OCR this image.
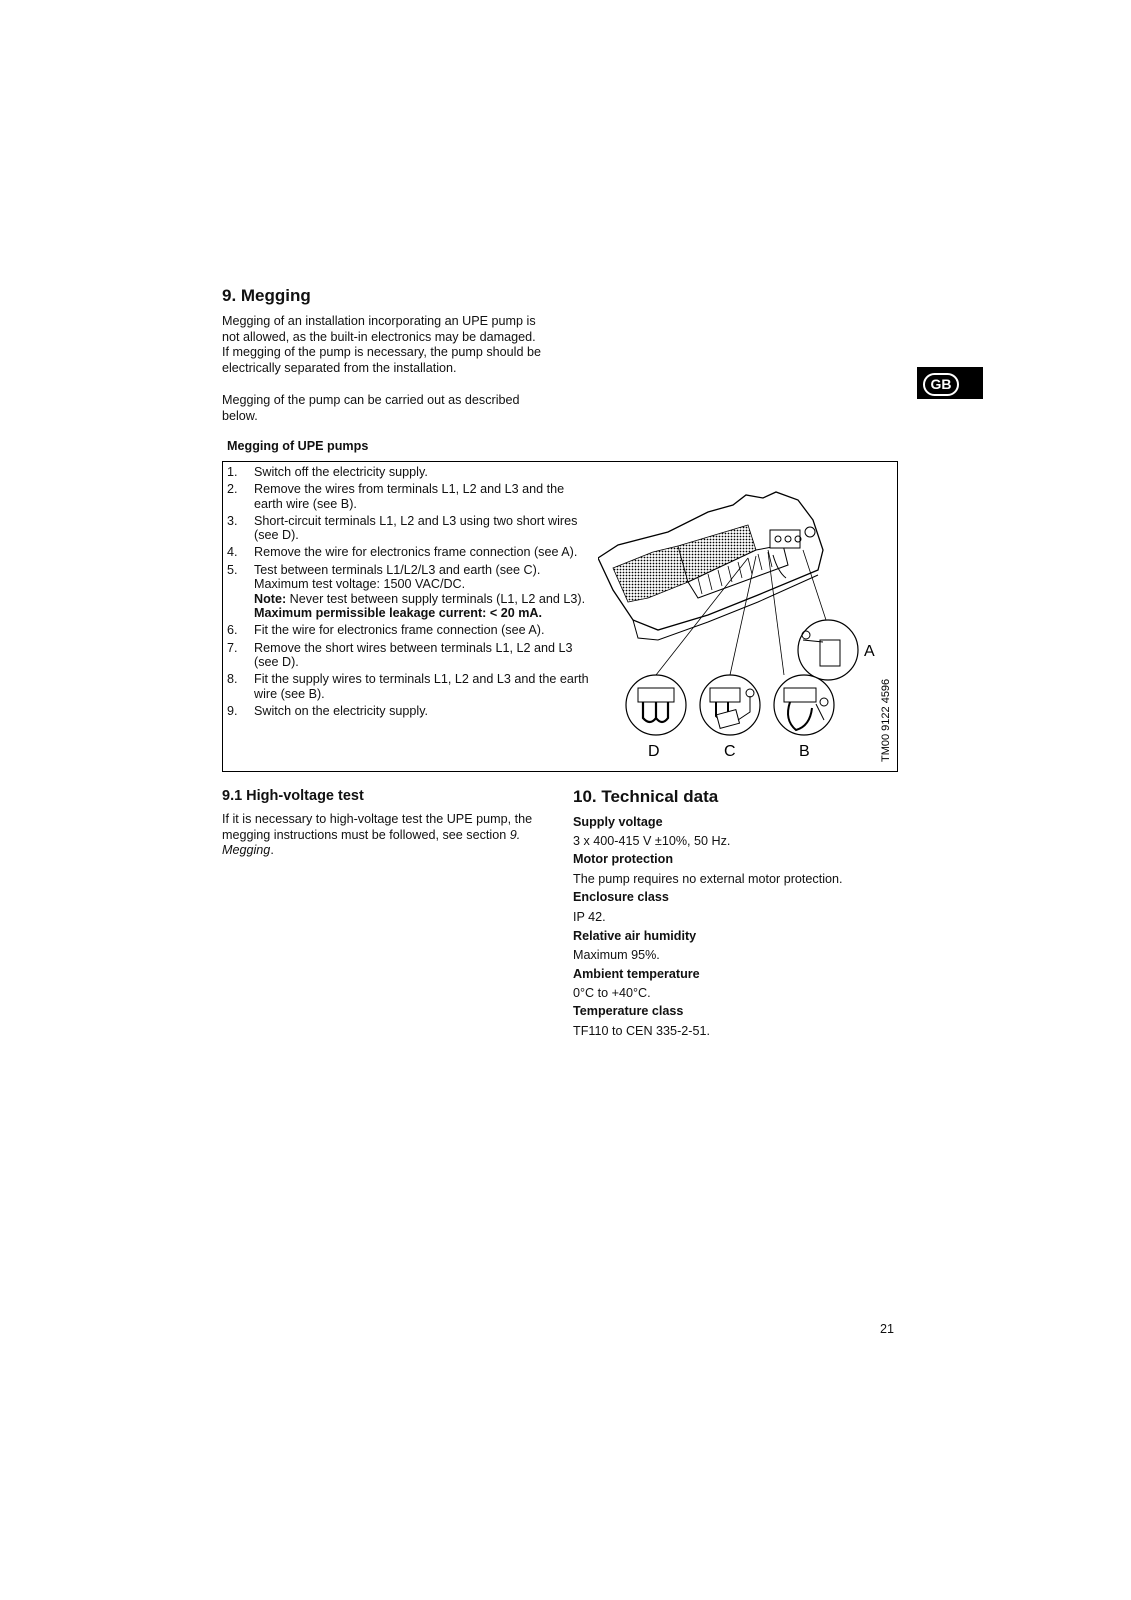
GB
9. Megging

Megging of an installation incorporating an UPE pump is not allowed, as the built-in electronics may be damaged. If megging of the pump is necessary, the pump should be electrically separated from the installation.

Megging of the pump can be carried out as described below.

Megging of UPE pumps
1. Switch off the electricity supply.
2. Remove the wires from terminals L1, L2 and L3 and the earth wire (see B).
3. Short-circuit terminals L1, L2 and L3 using two short wires (see D).
4. Remove the wire for electronics frame connection (see A).
5. Test between terminals L1/L2/L3 and earth (see C). Maximum test voltage: 1500 VAC/DC.
Note: Never test between supply terminals (L1, L2 and L3).
Maximum permissible leakage current: < 20 mA.
6. Fit the wire for electronics frame connection (see A).
7. Remove the short wires between terminals L1, L2 and L3 (see D).
8. Fit the supply wires to terminals L1, L2 and L3 and the earth wire (see B).
9. Switch on the electricity supply.
A
D	C	B	TM00 9122 4596
9.1 High-voltage test

If it is necessary to high-voltage test the UPE pump, the megging instructions must be followed, see section 9. Megging.

10. Technical data
Supply voltage
3 x 400-415 V ±10%, 50 Hz.
Motor protection
The pump requires no external motor protection.
Enclosure class
IP 42.
Relative air humidity
Maximum 95%.
Ambient temperature
0°C to +40°C.
Temperature class
TF110 to CEN 335-2-51.
21
